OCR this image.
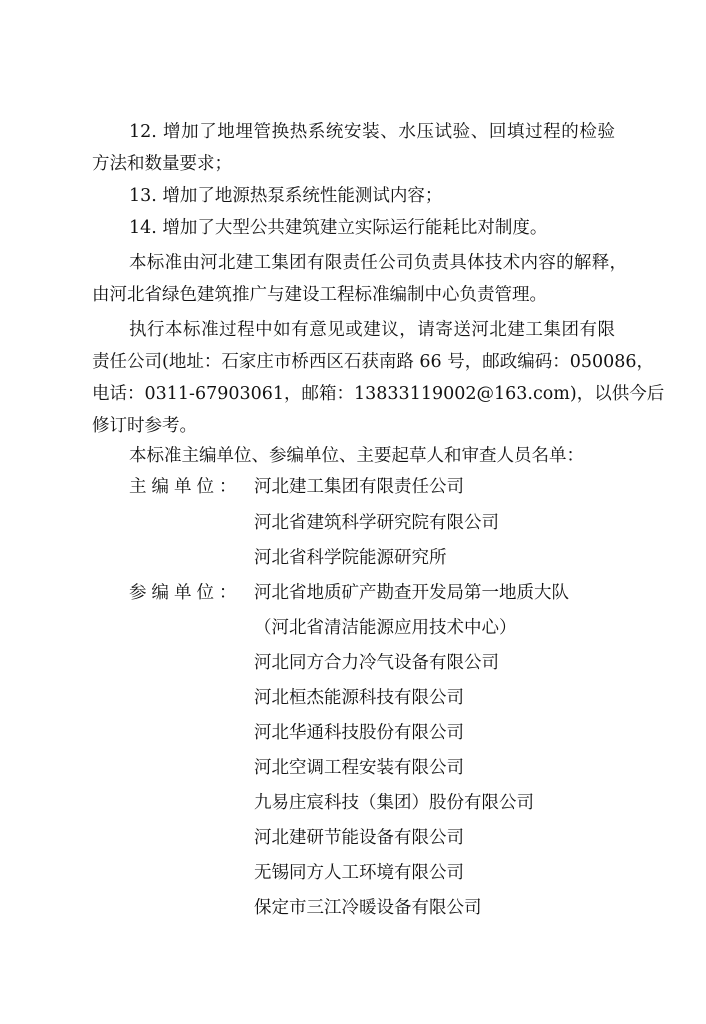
12. 增加了地埋管换热系统安装、水压试验、回填过程的检验
方法和数量要求；
13. 增加了地源热泵系统性能测试内容；
14. 增加了大型公共建筑建立实际运行能耗比对制度。
本标准由河北建工集团有限责任公司负责具体技术内容的解释，
由河北省绿色建筑推广与建设工程标准编制中心负责管理。
执行本标准过程中如有意见或建议，请寄送河北建工集团有限
责任公司(地址：石家庄市桥西区石获南路 66 号，邮政编码：050086，
电话：0311-67903061，邮箱：13833119002@163.com)，以供今后
修订时参考。
本标准主编单位、参编单位、主要起草人和审查人员名单：
主编单位： 河北建工集团有限责任公司
河北省建筑科学研究院有限公司
河北省科学院能源研究所
参编单位： 河北省地质矿产勘查开发局第一地质大队
（河北省清洁能源应用技术中心）
河北同方合力冷气设备有限公司
河北桓杰能源科技有限公司
河北华通科技股份有限公司
河北空调工程安装有限公司
九易庄宸科技（集团）股份有限公司
河北建研节能设备有限公司
无锡同方人工环境有限公司
保定市三江冷暖设备有限公司
